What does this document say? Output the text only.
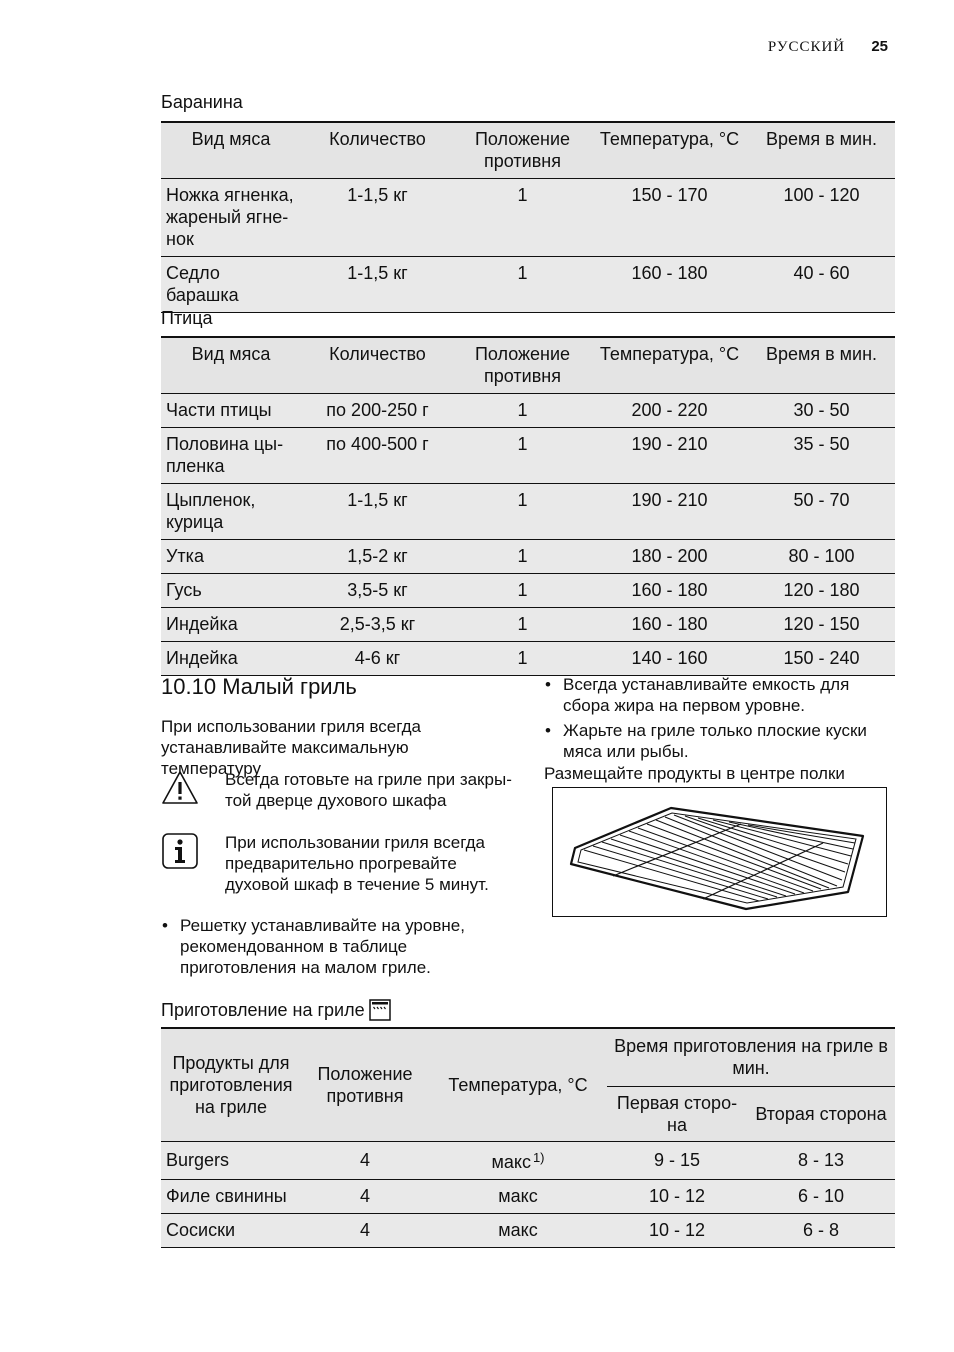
РУССКИЙ 25
Баранина
Вид мяса	Количество	Положение противня	Температура, °C	Время в мин.
Ножка ягненка, жареный ягненок	1-1,5 кг	1	150 - 170	100 - 120
Седло барашка	1-1,5 кг	1	160 - 180	40 - 60
Птица
Вид мяса	Количество	Положение противня	Температура, °C	Время в мин.
Части птицы	по 200-250 г	1	200 - 220	30 - 50
Половина цыпленка	по 400-500 г	1	190 - 210	35 - 50
Цыпленок, курица	1-1,5 кг	1	190 - 210	50 - 70
Утка	1,5-2 кг	1	180 - 200	80 - 100
Гусь	3,5-5 кг	1	160 - 180	120 - 180
Индейка	2,5-3,5 кг	1	160 - 180	120 - 150
Индейка	4-6 кг	1	140 - 160	150 - 240
10.10 Малый гриль
При использовании гриля всегда устанавливайте максимальную температуру
Всегда готовьте на гриле при закрытой дверце духового шкафа
При использовании гриля всегда предварительно прогревайте духовой шкаф в течение 5 минут.
• Решетку устанавливайте на уровне, рекомендованном в таблице приготовления на малом гриле.
• Всегда устанавливайте емкость для сбора жира на первом уровне.
• Жарьте на гриле только плоские куски мяса или рыбы.
Размещайте продукты в центре полки
Приготовление на гриле
Продукты для приготовления на гриле	Положение противня	Температура, °C	Время приготовления на гриле в мин.	
			Первая сторона	Вторая сторона
Burgers	4	макс $^{1)}$	9 - 15	8 - 13
Филе свинины	4	макс	10 - 12	6 - 10
Сосиски	4	макс	10 - 12	6 - 8
